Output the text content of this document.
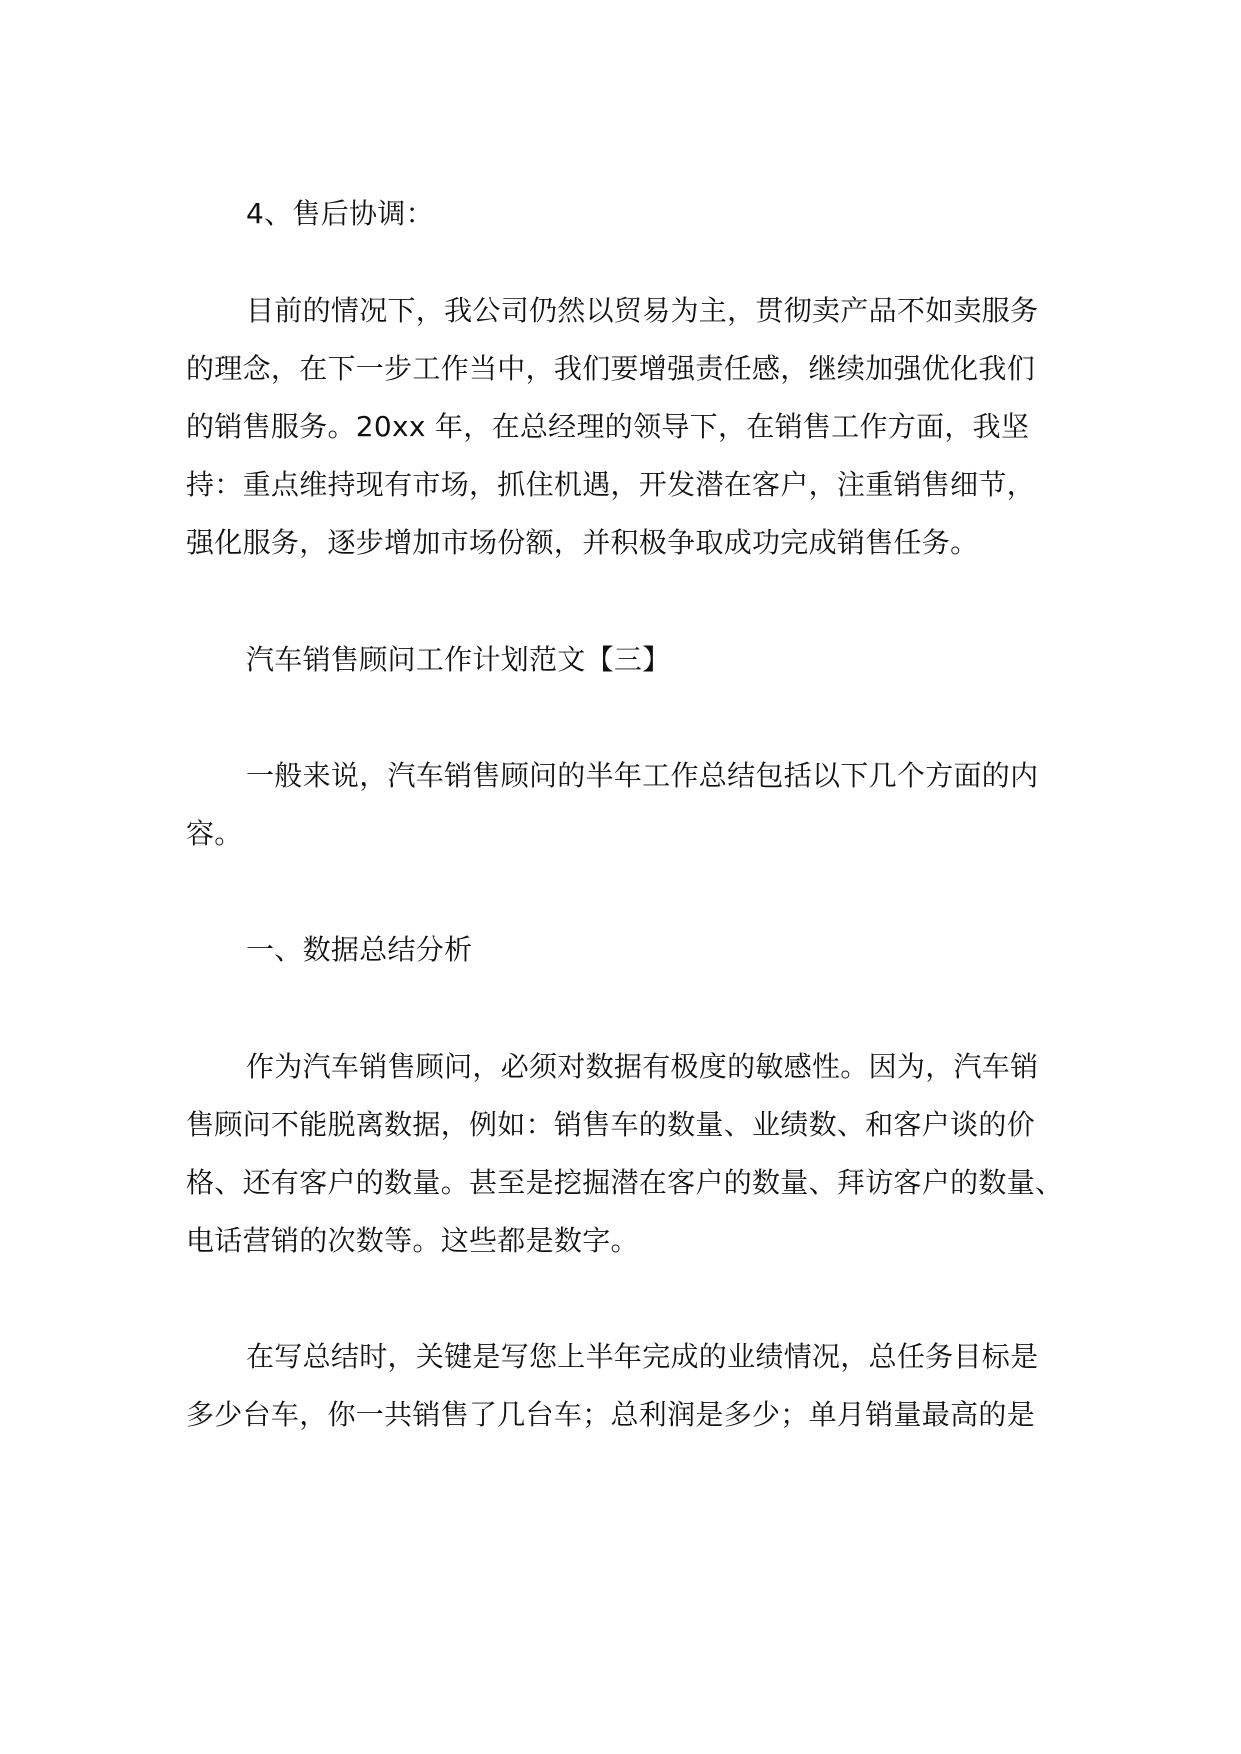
4、售后协调：

目前的情况下，我公司仍然以贸易为主，贯彻卖产品不如卖服务

的理念，在下一步工作当中，我们要增强责任感，继续加强优化我们

的销售服务。20xx 年，在总经理的领导下，在销售工作方面，我坚

持：重点维持现有市场，抓住机遇，开发潜在客户，注重销售细节，

强化服务，逐步增加市场份额，并积极争取成功完成销售任务。

汽车销售顾问工作计划范文【三】

一般来说，汽车销售顾问的半年工作总结包括以下几个方面的内

容。

一、数据总结分析

作为汽车销售顾问，必须对数据有极度的敏感性。因为，汽车销

售顾问不能脱离数据，例如：销售车的数量、业绩数、和客户谈的价

格、还有客户的数量。甚至是挖掘潜在客户的数量、拜访客户的数量、

电话营销的次数等。这些都是数字。

在写总结时，关键是写您上半年完成的业绩情况，总任务目标是

多少台车，你一共销售了几台车；总利润是多少；单月销量最高的是
